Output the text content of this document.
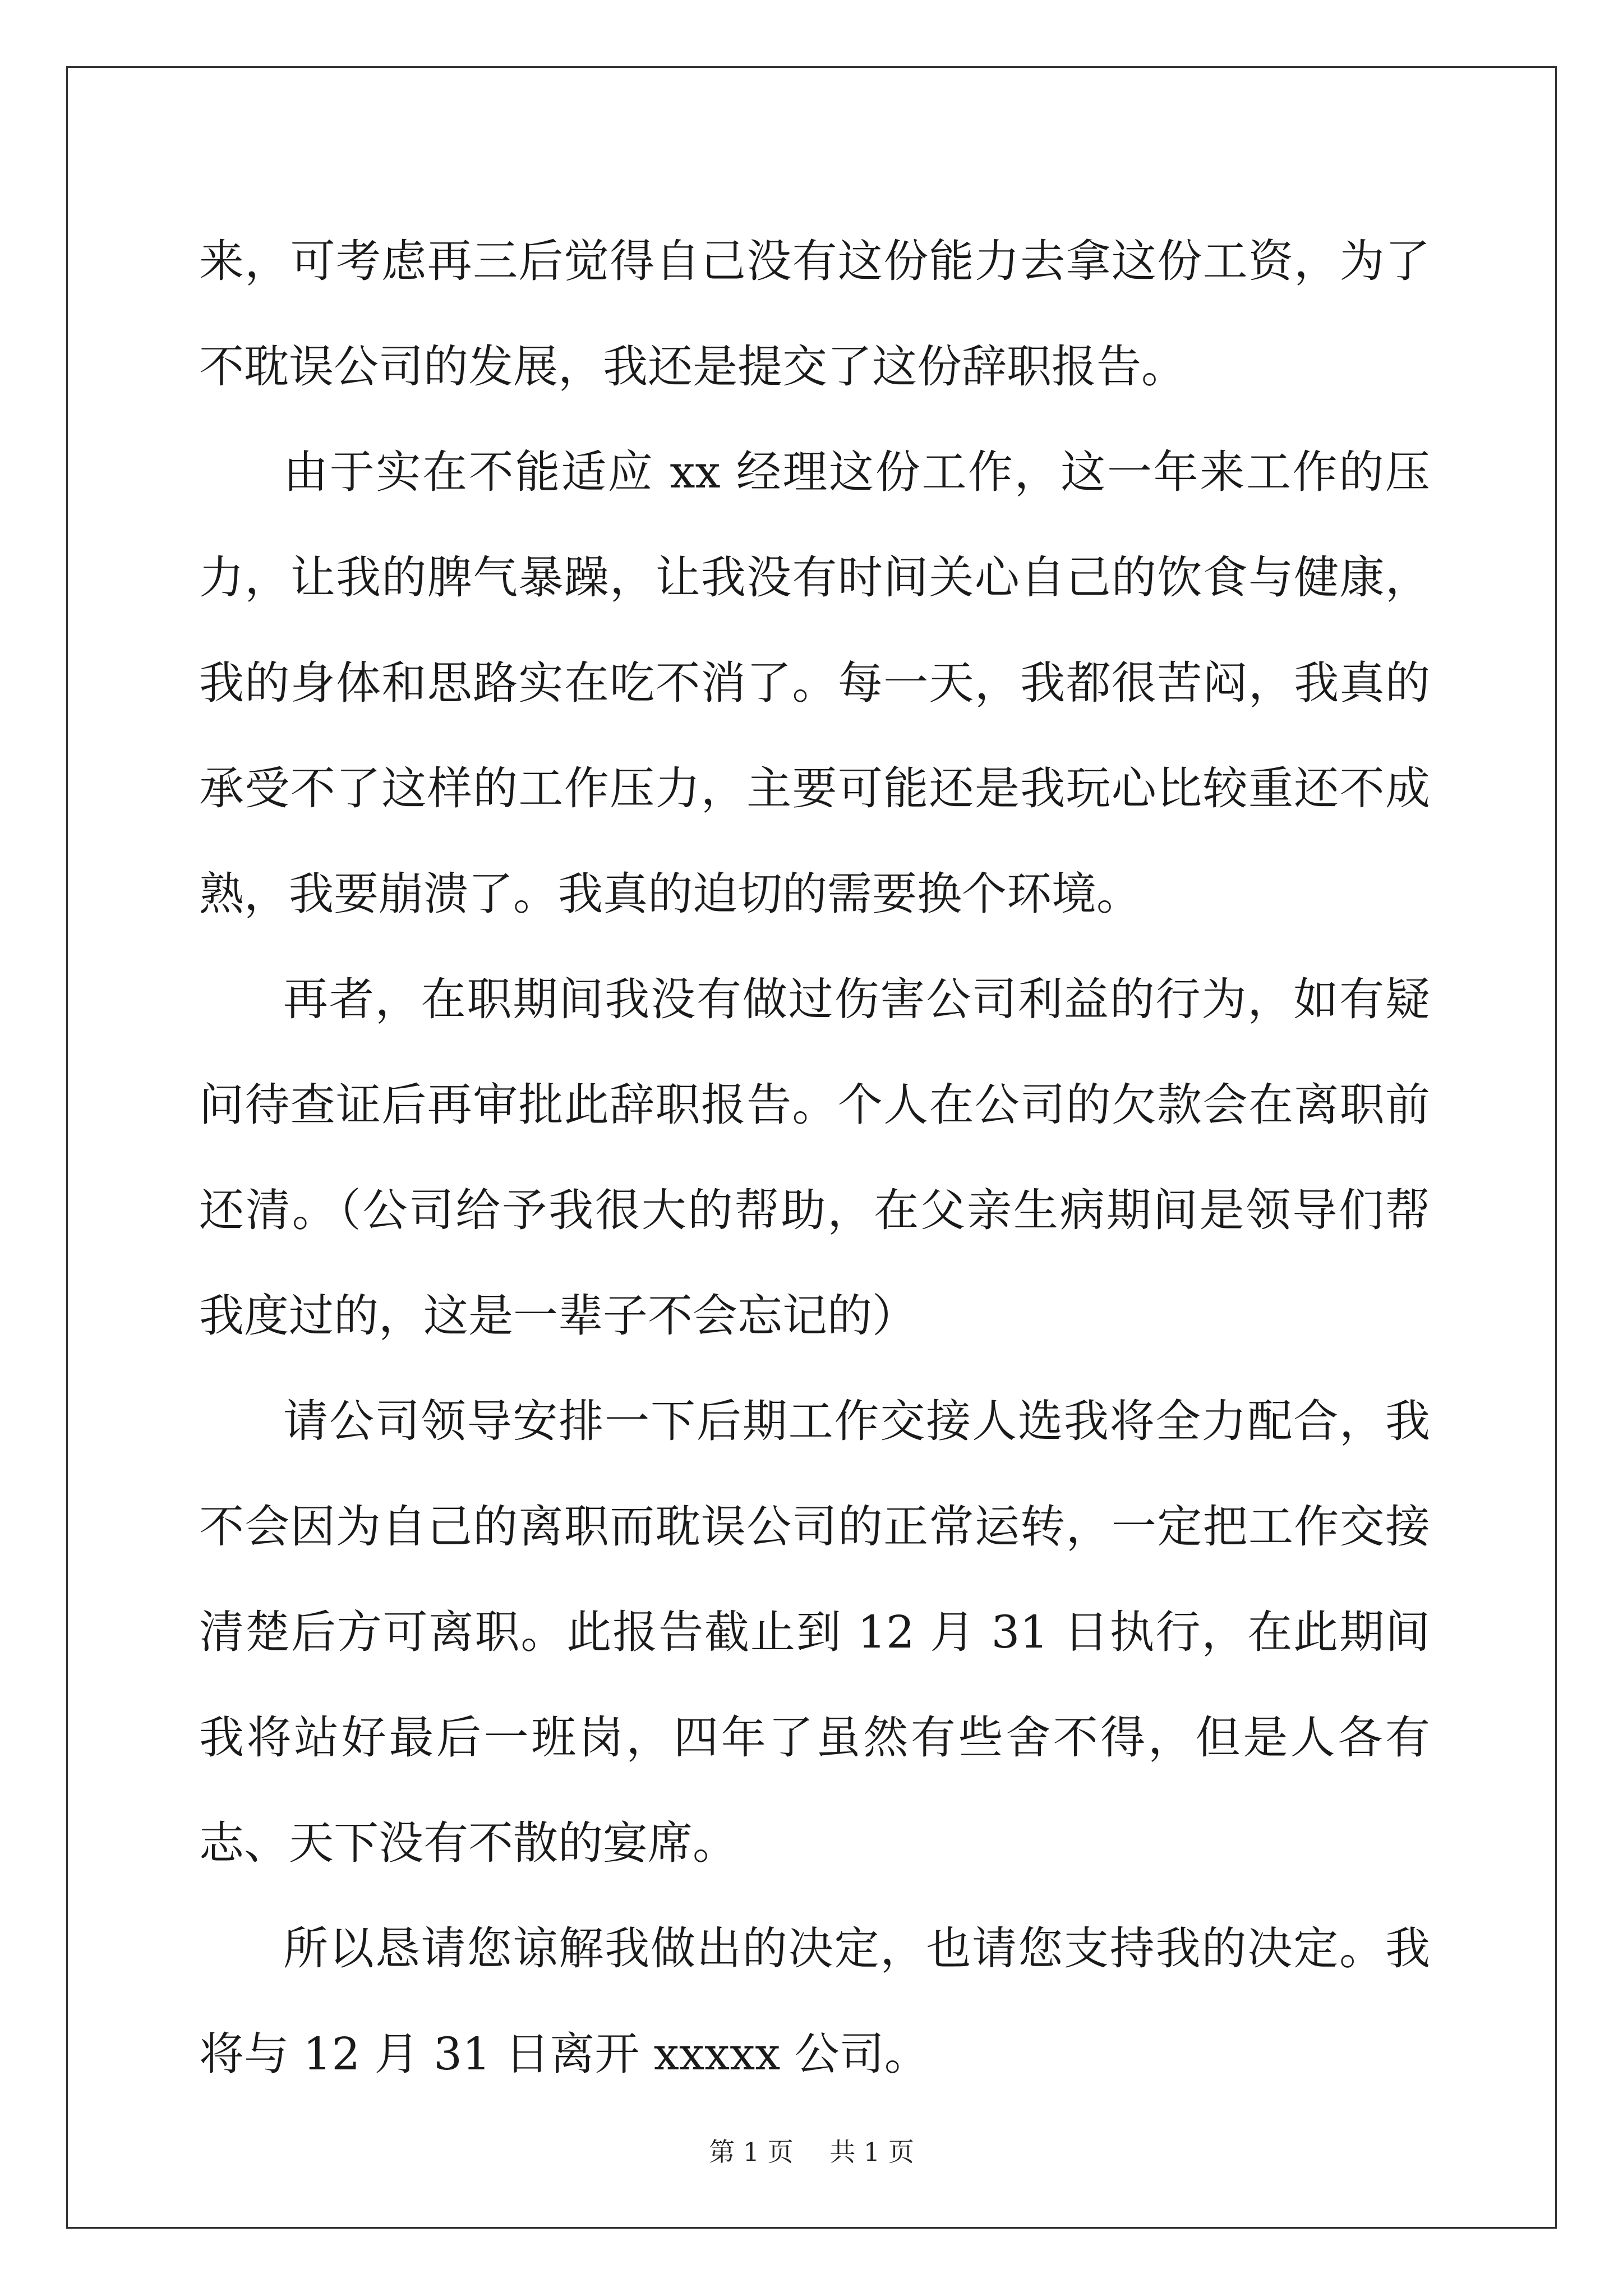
来，可考虑再三后觉得自己没有这份能力去拿这份工资，为了不耽误公司的发展，我还是提交了这份辞职报告。

由于实在不能适应 xx 经理这份工作，这一年来工作的压力，让我的脾气暴躁，让我没有时间关心自己的饮食与健康，我的身体和思路实在吃不消了。每一天，我都很苦闷，我真的承受不了这样的工作压力，主要可能还是我玩心比较重还不成熟，我要崩溃了。我真的迫切的需要换个环境。

再者，在职期间我没有做过伤害公司利益的行为，如有疑问待查证后再审批此辞职报告。个人在公司的欠款会在离职前还清。（公司给予我很大的帮助，在父亲生病期间是领导们帮我度过的，这是一辈子不会忘记的）

请公司领导安排一下后期工作交接人选我将全力配合，我不会因为自己的离职而耽误公司的正常运转，一定把工作交接清楚后方可离职。此报告截止到 12 月 31 日执行，在此期间我将站好最后一班岗，四年了虽然有些舍不得，但是人各有志、天下没有不散的宴席。

所以恳请您谅解我做出的决定，也请您支持我的决定。我将与 12 月 31 日离开 xxxxx 公司。

第 1 页 共 1 页
